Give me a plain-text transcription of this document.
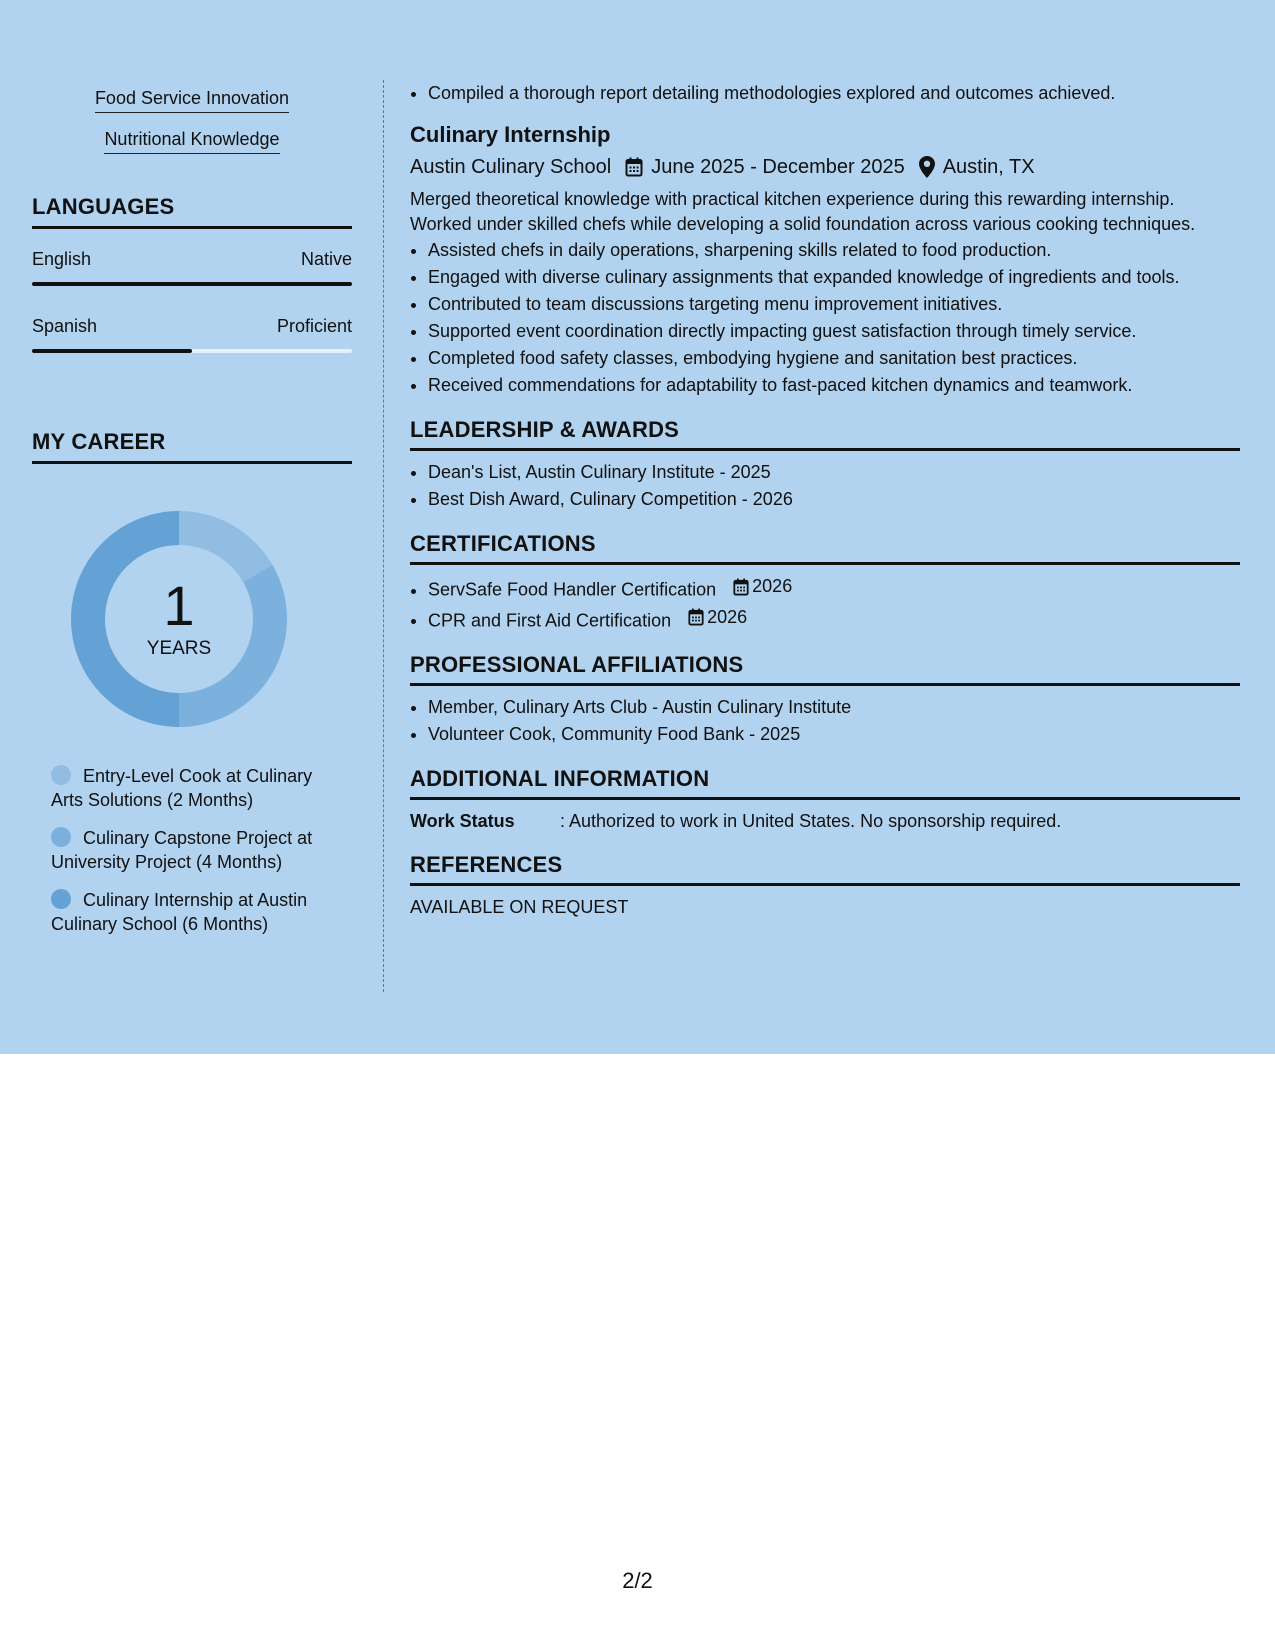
Food Service Innovation
Nutritional Knowledge
LANGUAGES
English	Native
Spanish	Proficient
MY CAREER
1
YEARS
Entry-Level Cook at Culinary Arts Solutions (2 Months)
Culinary Capstone Project at University Project (4 Months)
Culinary Internship at Austin Culinary School (6 Months)
• Compiled a thorough report detailing methodologies explored and outcomes achieved.
Culinary Internship
Austin Culinary School June 2025 - December 2025 Austin, TX
Merged theoretical knowledge with practical kitchen experience during this rewarding internship. Worked under skilled chefs while developing a solid foundation across various cooking techniques.
• Assisted chefs in daily operations, sharpening skills related to food production.
• Engaged with diverse culinary assignments that expanded knowledge of ingredients and tools.
• Contributed to team discussions targeting menu improvement initiatives.
• Supported event coordination directly impacting guest satisfaction through timely service.
• Completed food safety classes, embodying hygiene and sanitation best practices.
• Received commendations for adaptability to fast-paced kitchen dynamics and teamwork.
LEADERSHIP & AWARDS
• Dean's List, Austin Culinary Institute - 2025
• Best Dish Award, Culinary Competition - 2026
CERTIFICATIONS
• ServSafe Food Handler Certification 2026
• CPR and First Aid Certification 2026
PROFESSIONAL AFFILIATIONS
• Member, Culinary Arts Club - Austin Culinary Institute
• Volunteer Cook, Community Food Bank - 2025
ADDITIONAL INFORMATION
Work Status	: Authorized to work in United States. No sponsorship required.
REFERENCES
AVAILABLE ON REQUEST
2/2
